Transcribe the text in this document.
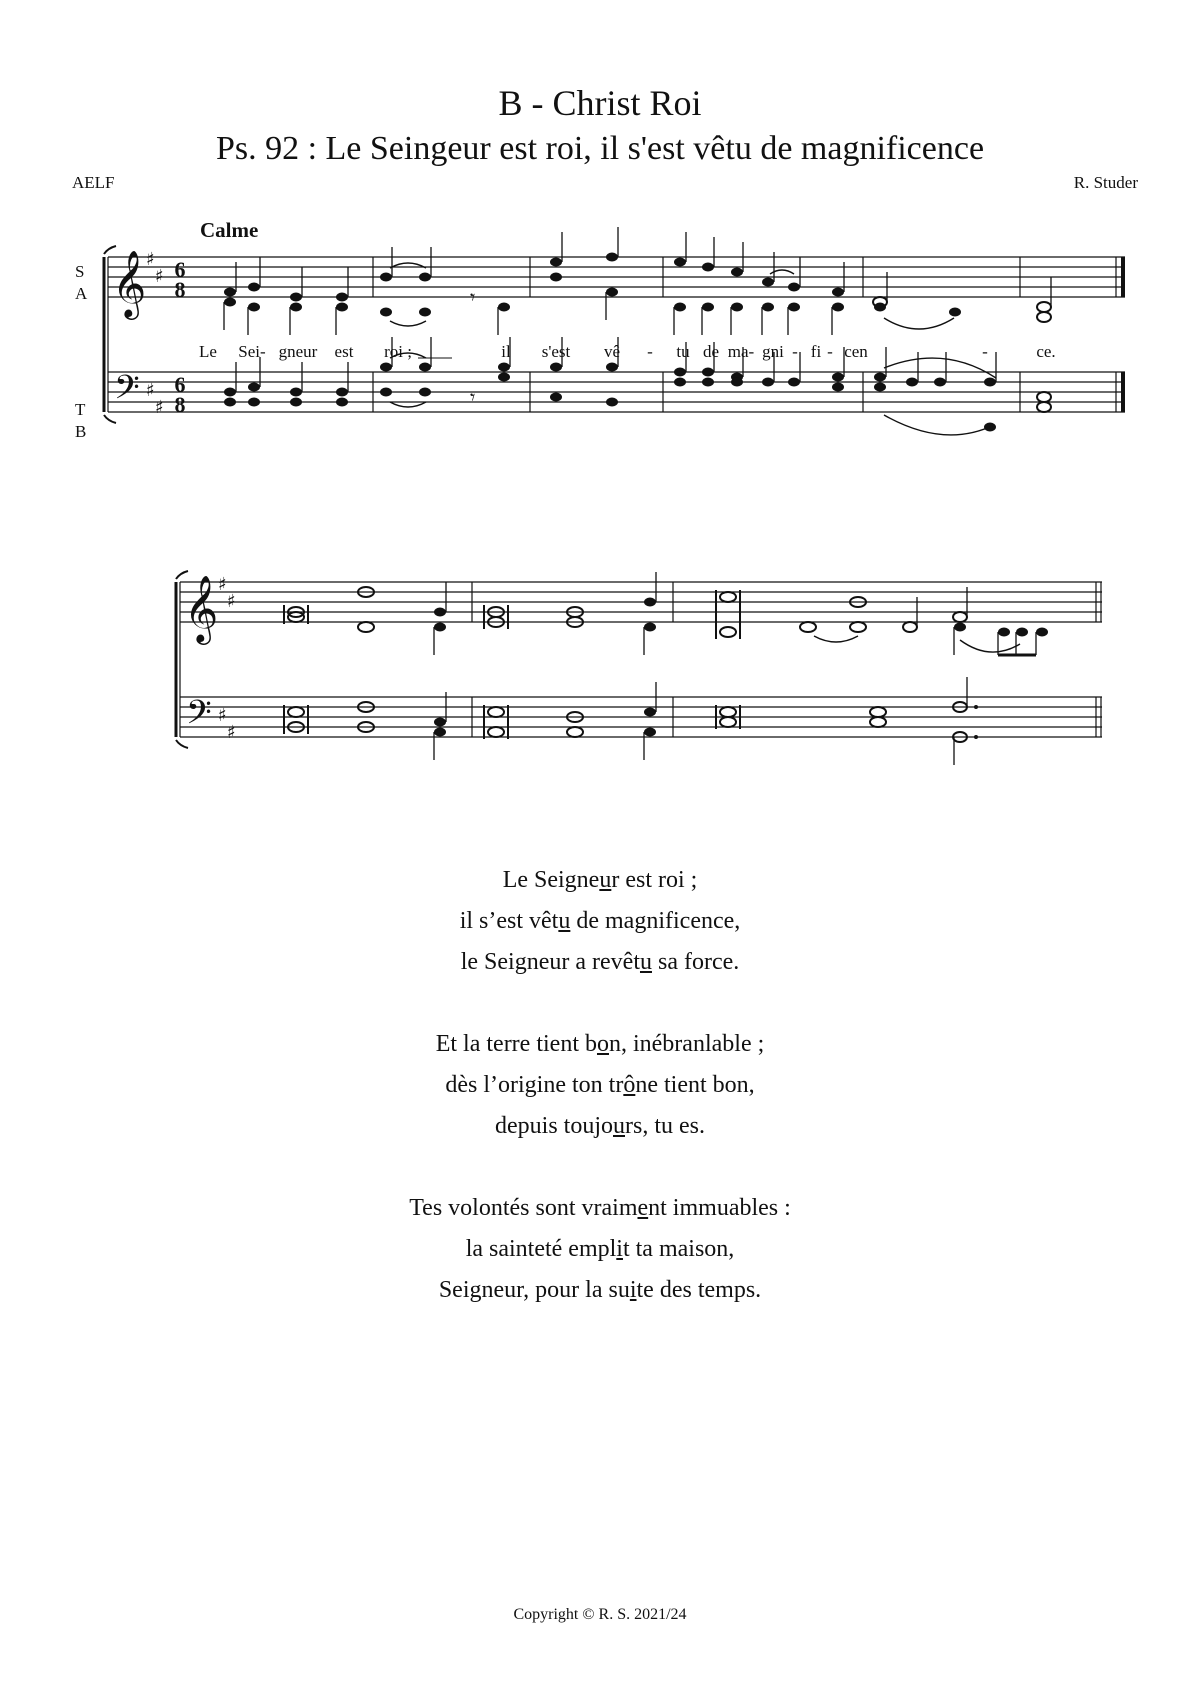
B - Christ Roi
Ps. 92 : Le Seingeur est roi, il s'est vêtu de magnificence
AELF	R. Studer
Calme
S
A
T
B
𝄞
𝄢
𝄞
𝄢
♯
♯
♯
♯
♯
♯
♯
♯
6
8
6
8
Le Sei- gneur est roi ;	il s'est vê - tu de ma- gni - fi - cen	-	ce.
𝄾
𝄾
Le Seigneur est roi ;
il s’est vêtu de magnificence,
le Seigneur a revêtu sa force.
Et la terre tient bon, inébranlable ;
dès l’origine ton trône tient bon,
depuis toujours, tu es.
Tes volontés sont vraiment immuables :
la sainteté emplit ta maison,
Seigneur, pour la suite des temps.
Copyright © R. S. 2021/24
